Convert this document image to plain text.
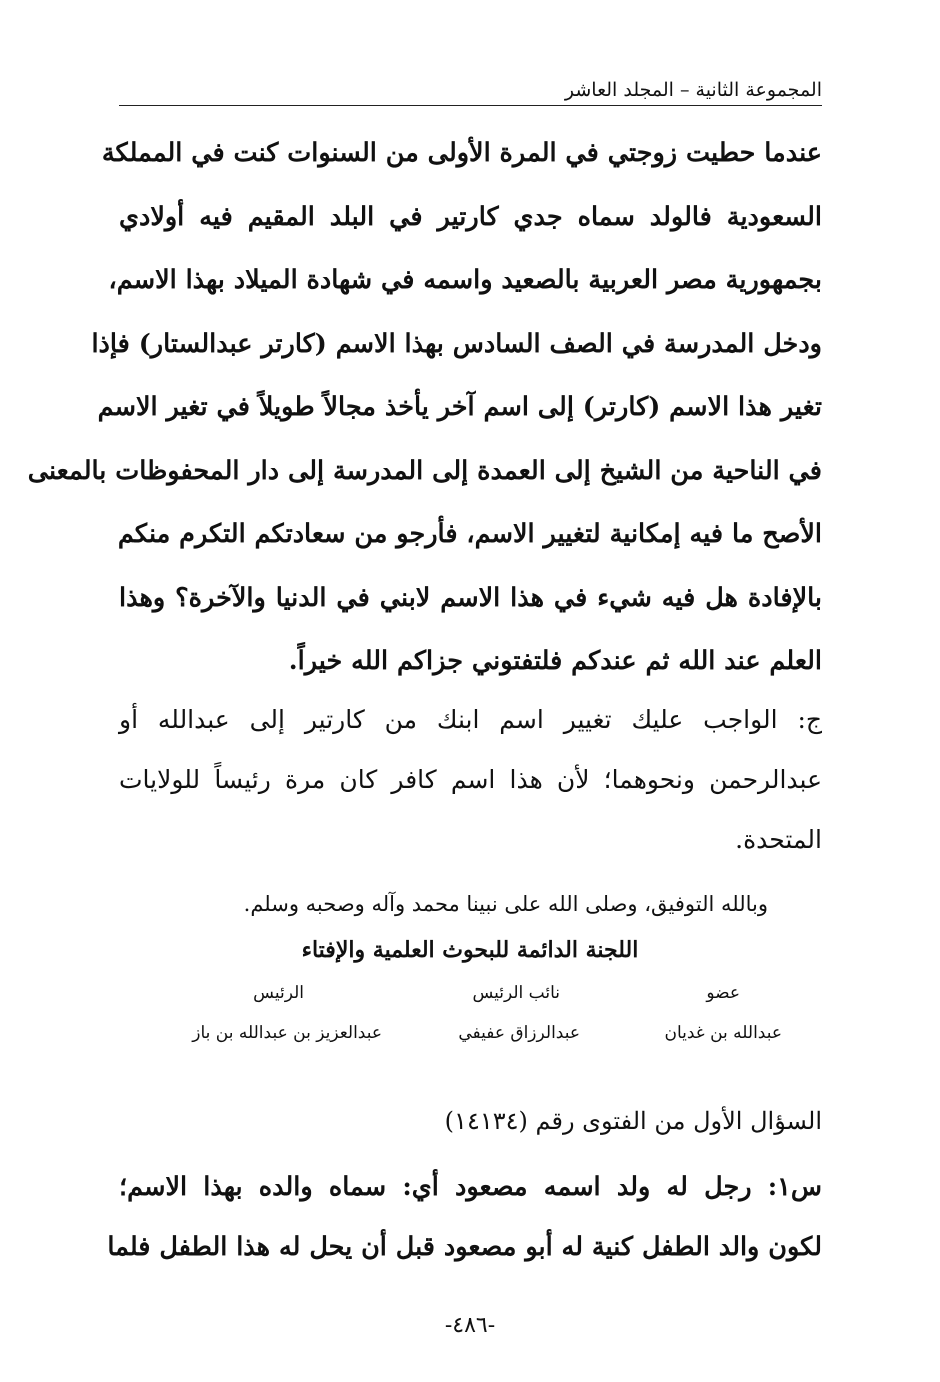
المجموعة الثانية – المجلد العاشر
عندما حطيت زوجتي في المرة الأولى من السنوات كنت في المملكة
السعودية فالولد سماه جدي كارتير في البلد المقيم فيه أولادي
بجمهورية مصر العربية بالصعيد واسمه في شهادة الميلاد بهذا الاسم،
ودخل المدرسة في الصف السادس بهذا الاسم (كارتر عبدالستار) فإذا
تغير هذا الاسم (كارتر) إلى اسم آخر يأخذ مجالاً طويلاً في تغير الاسم
في الناحية من الشيخ إلى العمدة إلى المدرسة إلى دار المحفوظات بالمعنى
الأصح ما فيه إمكانية لتغيير الاسم، فأرجو من سعادتكم التكرم منكم
بالإفادة هل فيه شيء في هذا الاسم لابني في الدنيا والآخرة؟ وهذا
العلم عند الله ثم عندكم فلتفتوني جزاكم الله خيراً.
ج: الواجب عليك تغيير اسم ابنك من كارتير إلى عبدالله أو
عبدالرحمن ونحوهما؛ لأن هذا اسم كافر كان مرة رئيساً للولايات
المتحدة.
وبالله التوفيق، وصلى الله على نبينا محمد وآله وصحبه وسلم.
اللجنة الدائمة للبحوث العلمية والإفتاء
الرئيس	نائب الرئيس	عضو
عبدالعزيز بن عبدالله بن باز	عبدالرزاق عفيفي	عبدالله بن غديان
السؤال الأول من الفتوى رقم (١٤١٣٤)
س١: رجل له ولد اسمه مصعود أي: سماه والده بهذا الاسم؛
لكون والد الطفل كنية له أبو مصعود قبل أن يحل له هذا الطفل فلما
-٤٨٦-
